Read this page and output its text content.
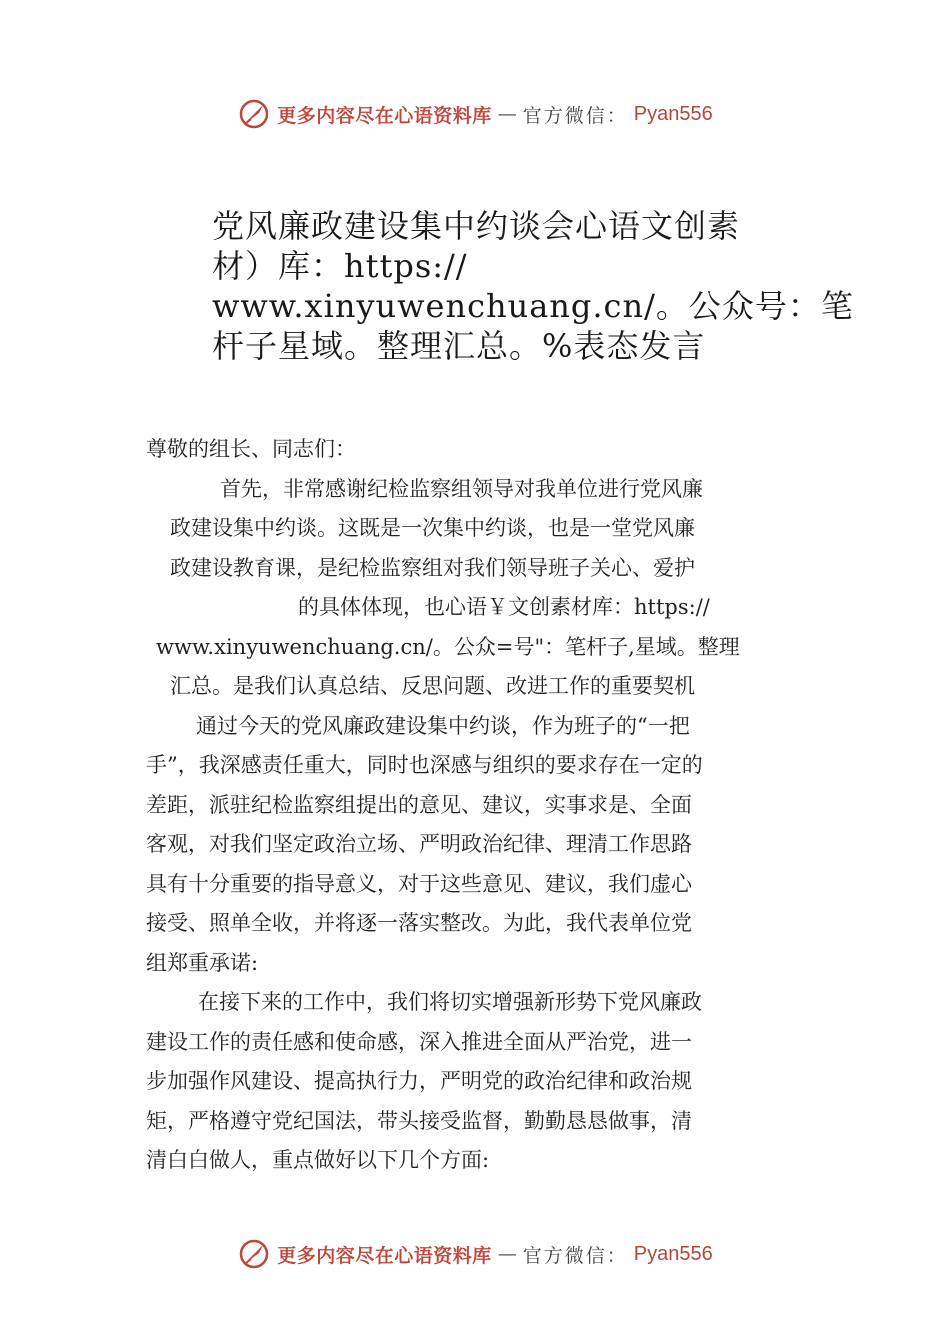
更多内容尽在心语资料库 — 官方微信： Pyan556
党风廉政建设集中约谈会心语文创素
材）库：https://
www.xinyuwenchuang.cn/。公众号：笔
杆子星域。整理汇总。%表态发言
尊敬的组长、同志们：
首先，非常感谢纪检监察组领导对我单位进行党风廉
政建设集中约谈。这既是一次集中约谈，也是一堂党风廉
政建设教育课，是纪检监察组对我们领导班子关心、爱护
的具体体现，也心语￥文创素材库：https://
www.xinyuwenchuang.cn/。公众=号"：笔杆子,星域。整理
汇总。是我们认真总结、反思问题、改进工作的重要契机
通过今天的党风廉政建设集中约谈，作为班子的“一把
手”，我深感责任重大，同时也深感与组织的要求存在一定的
差距，派驻纪检监察组提出的意见、建议，实事求是、全面
客观，对我们坚定政治立场、严明政治纪律、理清工作思路
具有十分重要的指导意义，对于这些意见、建议，我们虚心
接受、照单全收，并将逐一落实整改。为此，我代表单位党
组郑重承诺:
在接下来的工作中，我们将切实增强新形势下党风廉政
建设工作的责任感和使命感，深入推进全面从严治党，进一
步加强作风建设、提高执行力，严明党的政治纪律和政治规
矩，严格遵守党纪国法，带头接受监督，勤勤恳恳做事，清
清白白做人，重点做好以下几个方面:
更多内容尽在心语资料库 — 官方微信： Pyan556
